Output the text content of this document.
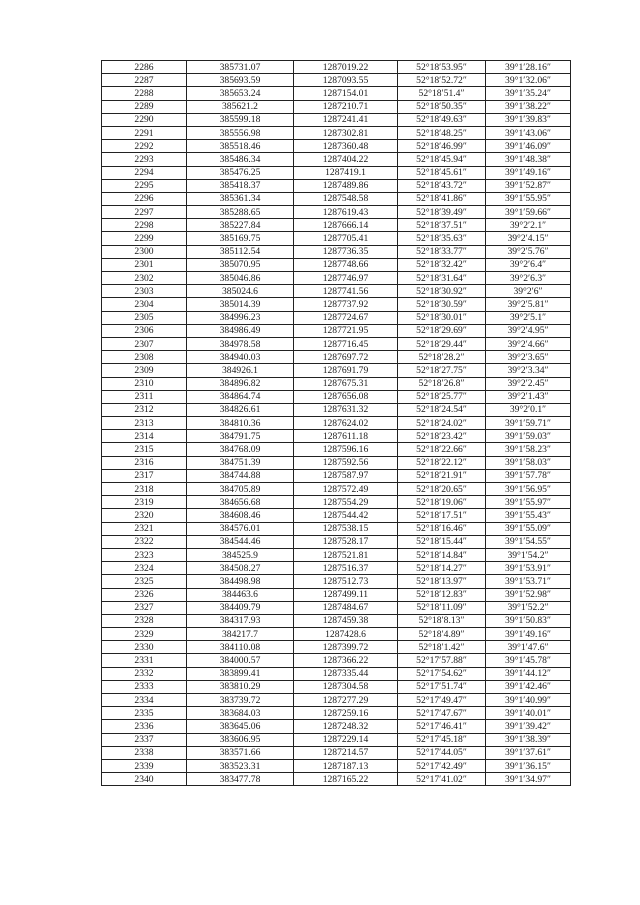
2286	385731.07	1287019.22	52°18′53.95″	39°1′28.16″
2287	385693.59	1287093.55	52°18′52.72″	39°1′32.06″
2288	385653.24	1287154.01	52°18′51.4″	39°1′35.24″
2289	385621.2	1287210.71	52°18′50.35″	39°1′38.22″
2290	385599.18	1287241.41	52°18′49.63″	39°1′39.83″
2291	385556.98	1287302.81	52°18′48.25″	39°1′43.06″
2292	385518.46	1287360.48	52°18′46.99″	39°1′46.09″
2293	385486.34	1287404.22	52°18′45.94″	39°1′48.38″
2294	385476.25	1287419.1	52°18′45.61″	39°1′49.16″
2295	385418.37	1287489.86	52°18′43.72″	39°1′52.87″
2296	385361.34	1287548.58	52°18′41.86″	39°1′55.95″
2297	385288.65	1287619.43	52°18′39.49″	39°1′59.66″
2298	385227.84	1287666.14	52°18′37.51″	39°2′2.1″
2299	385169.75	1287705.41	52°18′35.63″	39°2′4.15″
2300	385112.54	1287736.35	52°18′33.77″	39°2′5.76″
2301	385070.95	1287748.66	52°18′32.42″	39°2′6.4″
2302	385046.86	1287746.97	52°18′31.64″	39°2′6.3″
2303	385024.6	1287741.56	52°18′30.92″	39°2′6″
2304	385014.39	1287737.92	52°18′30.59″	39°2′5.81″
2305	384996.23	1287724.67	52°18′30.01″	39°2′5.1″
2306	384986.49	1287721.95	52°18′29.69″	39°2′4.95″
2307	384978.58	1287716.45	52°18′29.44″	39°2′4.66″
2308	384940.03	1287697.72	52°18′28.2″	39°2′3.65″
2309	384926.1	1287691.79	52°18′27.75″	39°2′3.34″
2310	384896.82	1287675.31	52°18′26.8″	39°2′2.45″
2311	384864.74	1287656.08	52°18′25.77″	39°2′1.43″
2312	384826.61	1287631.32	52°18′24.54″	39°2′0.1″
2313	384810.36	1287624.02	52°18′24.02″	39°1′59.71″
2314	384791.75	1287611.18	52°18′23.42″	39°1′59.03″
2315	384768.09	1287596.16	52°18′22.66″	39°1′58.23″
2316	384751.39	1287592.56	52°18′22.12″	39°1′58.03″
2317	384744.88	1287587.97	52°18′21.91″	39°1′57.78″
2318	384705.89	1287572.49	52°18′20.65″	39°1′56.95″
2319	384656.68	1287554.29	52°18′19.06″	39°1′55.97″
2320	384608.46	1287544.42	52°18′17.51″	39°1′55.43″
2321	384576.01	1287538.15	52°18′16.46″	39°1′55.09″
2322	384544.46	1287528.17	52°18′15.44″	39°1′54.55″
2323	384525.9	1287521.81	52°18′14.84″	39°1′54.2″
2324	384508.27	1287516.37	52°18′14.27″	39°1′53.91″
2325	384498.98	1287512.73	52°18′13.97″	39°1′53.71″
2326	384463.6	1287499.11	52°18′12.83″	39°1′52.98″
2327	384409.79	1287484.67	52°18′11.09″	39°1′52.2″
2328	384317.93	1287459.38	52°18′8.13″	39°1′50.83″
2329	384217.7	1287428.6	52°18′4.89″	39°1′49.16″
2330	384110.08	1287399.72	52°18′1.42″	39°1′47.6″
2331	384000.57	1287366.22	52°17′57.88″	39°1′45.78″
2332	383899.41	1287335.44	52°17′54.62″	39°1′44.12″
2333	383810.29	1287304.58	52°17′51.74″	39°1′42.46″
2334	383739.72	1287277.29	52°17′49.47″	39°1′40.99″
2335	383684.03	1287259.16	52°17′47.67″	39°1′40.01″
2336	383645.06	1287248.32	52°17′46.41″	39°1′39.42″
2337	383606.95	1287229.14	52°17′45.18″	39°1′38.39″
2338	383571.66	1287214.57	52°17′44.05″	39°1′37.61″
2339	383523.31	1287187.13	52°17′42.49″	39°1′36.15″
2340	383477.78	1287165.22	52°17′41.02″	39°1′34.97″
